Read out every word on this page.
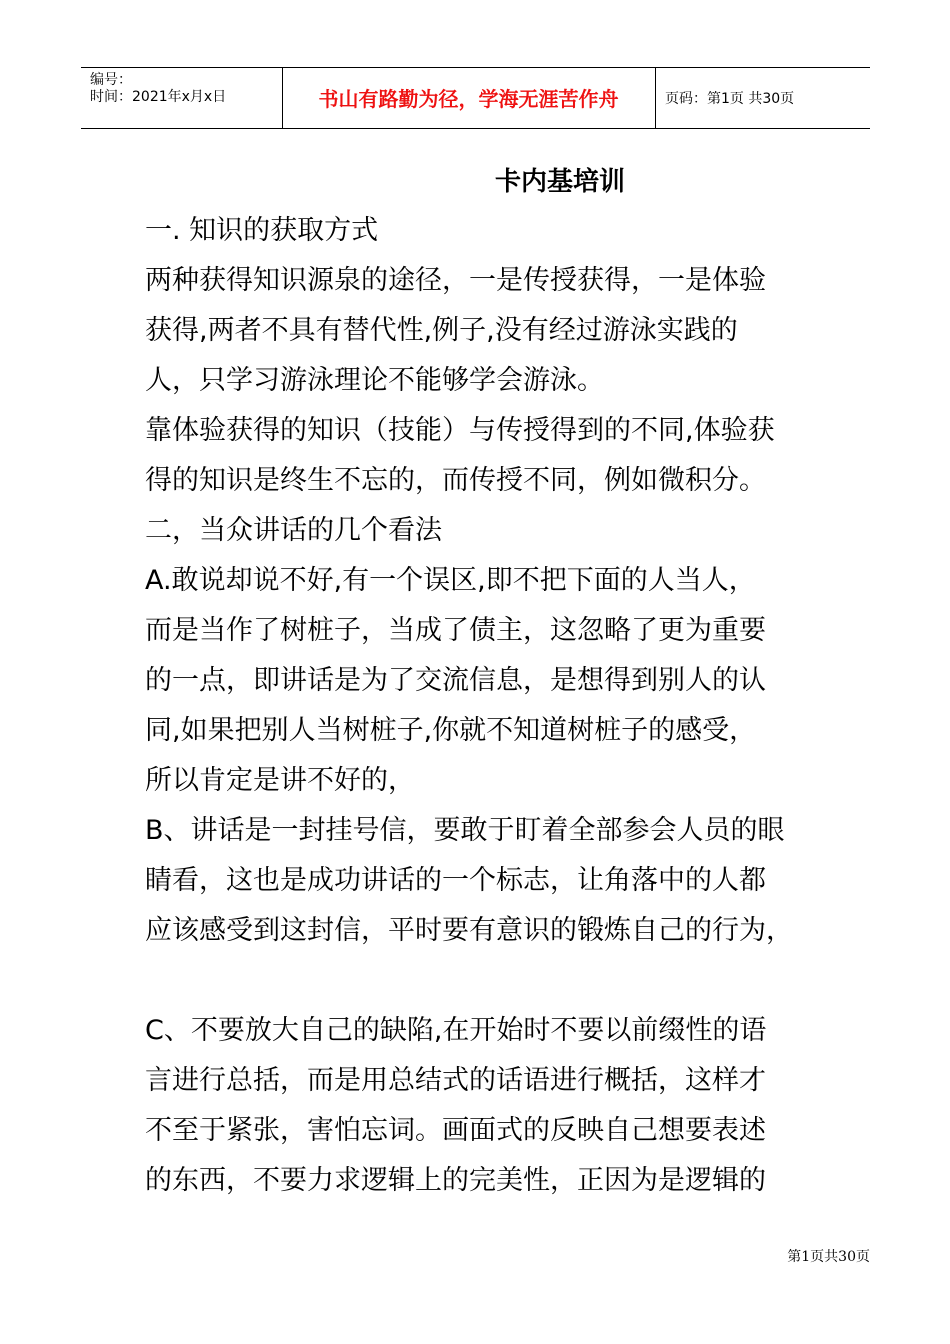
编号：
时间：2021年x月x日	书山有路勤为径，学海无涯苦作舟	页码：第1页 共30页
卡内基培训
一. 知识的获取方式
两种获得知识源泉的途径，一是传授获得，一是体验
获得,两者不具有替代性,例子,没有经过游泳实践的
人，只学习游泳理论不能够学会游泳。
靠体验获得的知识（技能）与传授得到的不同,体验获
得的知识是终生不忘的，而传授不同，例如微积分。
二，当众讲话的几个看法
A.敢说却说不好,有一个误区,即不把下面的人当人，
而是当作了树桩子，当成了债主，这忽略了更为重要
的一点，即讲话是为了交流信息，是想得到别人的认
同,如果把别人当树桩子,你就不知道树桩子的感受，
所以肯定是讲不好的，
B、讲话是一封挂号信，要敢于盯着全部参会人员的眼
睛看，这也是成功讲话的一个标志，让角落中的人都
应该感受到这封信，平时要有意识的锻炼自己的行为，
C、不要放大自己的缺陷,在开始时不要以前缀性的语
言进行总括，而是用总结式的话语进行概括，这样才
不至于紧张，害怕忘词。画面式的反映自己想要表述
的东西，不要力求逻辑上的完美性，正因为是逻辑的
第1页共30页
